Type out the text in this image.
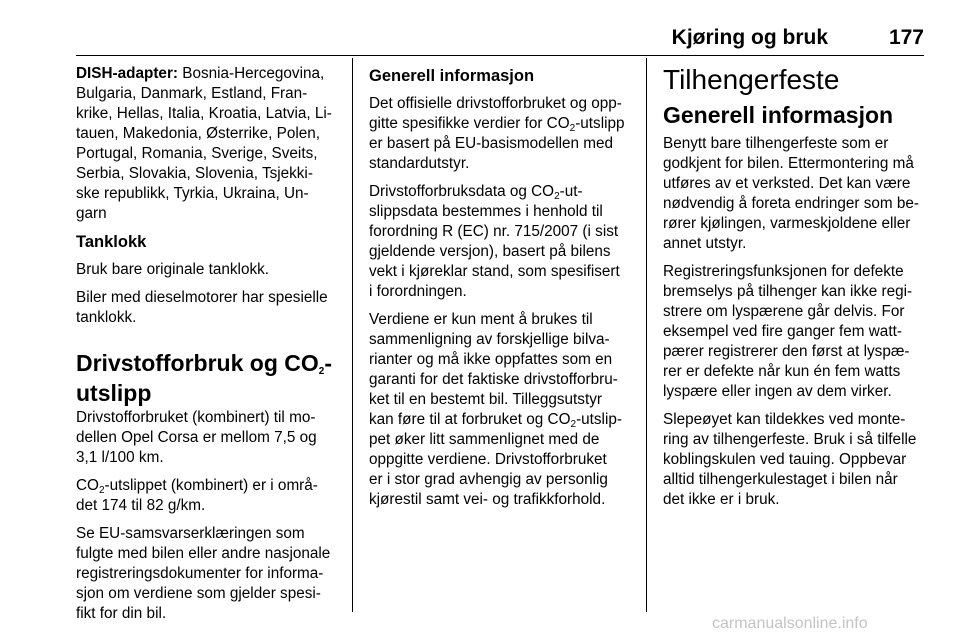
Kjøring og bruk	177

DISH-adapter: Bosnia-Hercegovina,
Bulgaria, Danmark, Estland, Fran-
krike, Hellas, Italia, Kroatia, Latvia, Li-
tauen, Makedonia, Østerrike, Polen,
Portugal, Romania, Sverige, Sveits,
Serbia, Slovakia, Slovenia, Tsjekki-
ske republikk, Tyrkia, Ukraina, Un-
garn

Tanklokk

Bruk bare originale tanklokk.

Biler med dieselmotorer har spesielle
tanklokk.

Drivstofforbruk og $CO_2-$
utslipp

Drivstofforbruket (kombinert) til mo-
dellen Opel Corsa er mellom 7,5 og
3,1 l/100 km.

$CO_2$-utslippet (kombinert) er i områ-
det 174 til 82 g/km.

Se EU-samsvarserklæringen som
fulgte med bilen eller andre nasjonale
registreringsdokumenter for informa-
sjon om verdiene som gjelder spesi-
fikt for din bil.

Generell informasjon

Det offisielle drivstofforbruket og opp-
gitte spesifikke verdier for $CO_2$-utslipp
er basert på EU-basismodellen med
standardutstyr.

Drivstofforbruksdata og $CO_2-ut-$
slippsdata bestemmes i henhold til
forordning R (EC) nr. 715/2007 (i sist
gjeldende versjon), basert på bilens
vekt i kjøreklar stand, som spesifisert
i forordningen.

Verdiene er kun ment å brukes til
sammenligning av forskjellige bilva-
rianter og må ikke oppfattes som en
garanti for det faktiske drivstofforbru-
ket til en bestemt bil. Tilleggsutstyr
kan føre til at forbruket og $CO_2-utslip-$
pet øker litt sammenlignet med de
oppgitte verdiene. Drivstofforbruket
er i stor grad avhengig av personlig
kjørestil samt vei- og trafikkforhold.

Tilhengerfeste
Generell informasjon

Benytt bare tilhengerfeste som er
godkjent for bilen. Ettermontering må
utføres av et verksted. Det kan være
nødvendig å foreta endringer som be-
rører kjølingen, varmeskjoldene eller
annet utstyr.

Registreringsfunksjonen for defekte
bremselys på tilhenger kan ikke regi-
strere om lyspærene går delvis. For
eksempel ved fire ganger fem watt-
pærer registrerer den først at lyspæ-
rer er defekte når kun én fem watts
lyspære eller ingen av dem virker.

Slepeøyet kan tildekkes ved monte-
ring av tilhengerfeste. Bruk i så tilfelle
koblingskulen ved tauing. Oppbevar
alltid tilhengerkulestaget i bilen når
det ikke er i bruk.

carmanualsonline.info
